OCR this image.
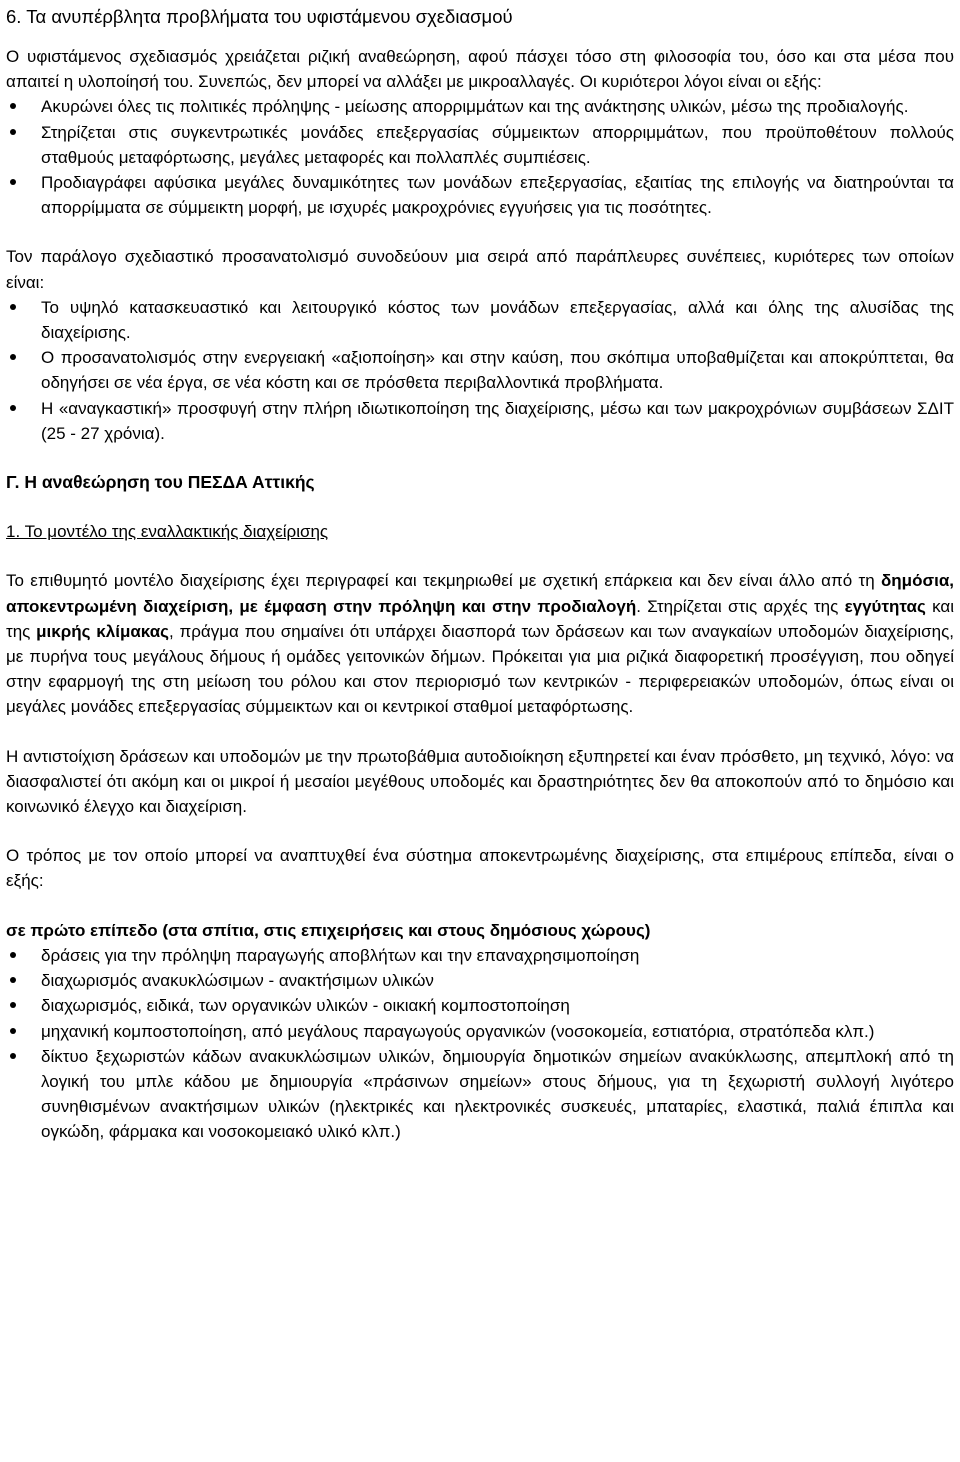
6. Τα ανυπέρβλητα προβλήματα του υφιστάμενου σχεδιασμού

Ο υφιστάμενος σχεδιασμός χρειάζεται ριζική αναθεώρηση, αφού πάσχει τόσο στη φιλοσοφία του, όσο και στα μέσα που απαιτεί η υλοποίησή του. Συνεπώς, δεν μπορεί να αλλάξει με μικροαλλαγές. Οι κυριότεροι λόγοι είναι οι εξής:

Ακυρώνει όλες τις πολιτικές πρόληψης - μείωσης απορριμμάτων και της ανάκτησης υλικών, μέσω της προδιαλογής.
Στηρίζεται στις συγκεντρωτικές μονάδες επεξεργασίας σύμμεικτων απορριμμάτων, που προϋποθέτουν πολλούς σταθμούς μεταφόρτωσης, μεγάλες μεταφορές και πολλαπλές συμπιέσεις.
Προδιαγράφει αφύσικα μεγάλες δυναμικότητες των μονάδων επεξεργασίας, εξαιτίας της επιλογής να διατηρούνται τα απορρίμματα σε σύμμεικτη μορφή, με ισχυρές μακροχρόνιες εγγυήσεις για τις ποσότητες.

Τον παράλογο σχεδιαστικό προσανατολισμό συνοδεύουν μια σειρά από παράπλευρες συνέπειες, κυριότερες των οποίων είναι:

Το υψηλό κατασκευαστικό και λειτουργικό κόστος των μονάδων επεξεργασίας, αλλά και όλης της αλυσίδας της διαχείρισης.
Ο προσανατολισμός στην ενεργειακή «αξιοποίηση» και στην καύση, που σκόπιμα υποβαθμίζεται και αποκρύπτεται, θα οδηγήσει σε νέα έργα, σε νέα κόστη και σε πρόσθετα περιβαλλοντικά προβλήματα.
Η «αναγκαστική» προσφυγή στην πλήρη ιδιωτικοποίηση της διαχείρισης, μέσω και των μακροχρόνιων συμβάσεων ΣΔΙΤ (25 - 27 χρόνια).

Γ. Η αναθεώρηση του ΠΕΣΔΑ Αττικής

1. Το μοντέλο της εναλλακτικής διαχείρισης

Το επιθυμητό μοντέλο διαχείρισης έχει περιγραφεί και τεκμηριωθεί με σχετική επάρκεια και δεν είναι άλλο από τη δημόσια, αποκεντρωμένη διαχείριση, με έμφαση στην πρόληψη και στην προδιαλογή. Στηρίζεται στις αρχές της εγγύτητας και της μικρής κλίμακας, πράγμα που σημαίνει ότι υπάρχει διασπορά των δράσεων και των αναγκαίων υποδομών διαχείρισης, με πυρήνα τους μεγάλους δήμους ή ομάδες γειτονικών δήμων. Πρόκειται για μια ριζικά διαφορετική προσέγγιση, που οδηγεί στην εφαρμογή της στη μείωση του ρόλου και στον περιορισμό των κεντρικών - περιφερειακών υποδομών, όπως είναι οι μεγάλες μονάδες επεξεργασίας σύμμεικτων και οι κεντρικοί σταθμοί μεταφόρτωσης.

Η αντιστοίχιση δράσεων και υποδομών με την πρωτοβάθμια αυτοδιοίκηση εξυπηρετεί και έναν πρόσθετο, μη τεχνικό, λόγο: να διασφαλιστεί ότι ακόμη και οι μικροί ή μεσαίοι μεγέθους υποδομές και δραστηριότητες δεν θα αποκοπούν από το δημόσιο και κοινωνικό έλεγχο και διαχείριση.

Ο τρόπος με τον οποίο μπορεί να αναπτυχθεί ένα σύστημα αποκεντρωμένης διαχείρισης, στα επιμέρους επίπεδα, είναι ο εξής:

σε πρώτο επίπεδο (στα σπίτια, στις επιχειρήσεις και στους δημόσιους χώρους)

δράσεις για την πρόληψη παραγωγής αποβλήτων και την επαναχρησιμοποίηση
διαχωρισμός ανακυκλώσιμων - ανακτήσιμων υλικών
διαχωρισμός, ειδικά, των οργανικών υλικών - οικιακή κομποστοποίηση
μηχανική κομποστοποίηση, από μεγάλους παραγωγούς οργανικών (νοσοκομεία, εστιατόρια, στρατόπεδα κλπ.)
δίκτυο ξεχωριστών κάδων ανακυκλώσιμων υλικών, δημιουργία δημοτικών σημείων ανακύκλωσης, απεμπλοκή από τη λογική του μπλε κάδου με δημιουργία «πράσινων σημείων» στους δήμους, για τη ξεχωριστή συλλογή λιγότερο συνηθισμένων ανακτήσιμων υλικών (ηλεκτρικές και ηλεκτρονικές συσκευές, μπαταρίες, ελαστικά, παλιά έπιπλα και ογκώδη, φάρμακα και νοσοκομειακό υλικό κλπ.)
